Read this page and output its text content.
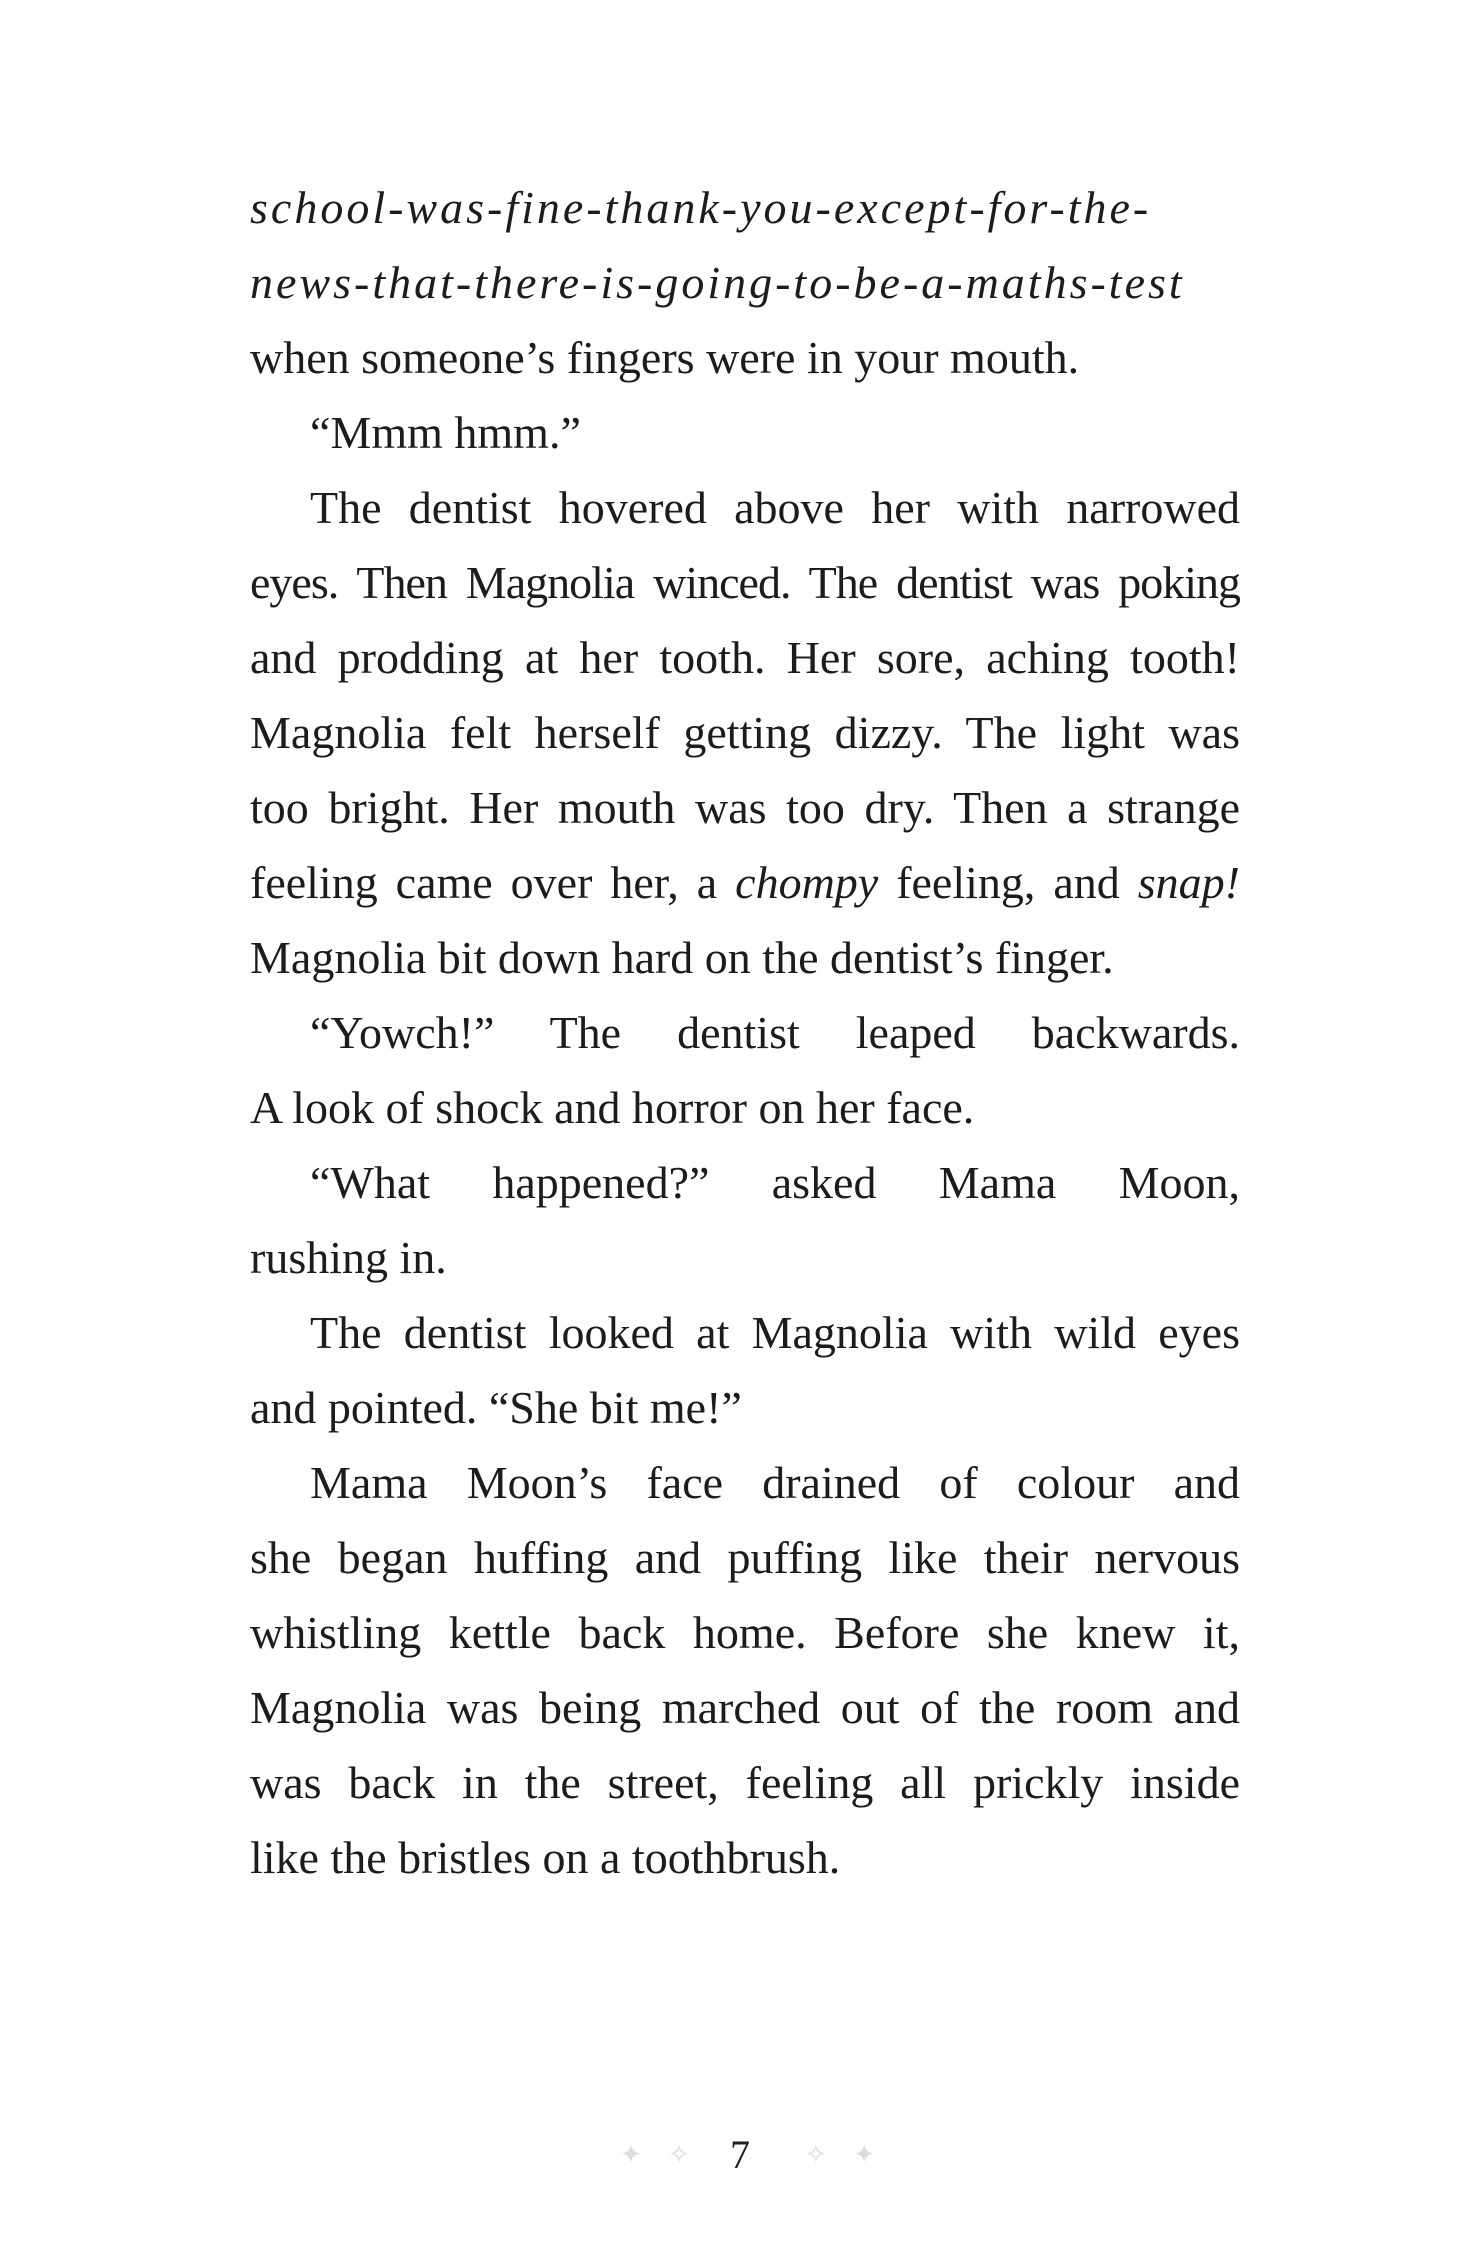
school-was-fine-thank-you-except-for-the-
news-that-there-is-going-to-be-a-maths-test
when someone’s fingers were in your mouth.
“Mmm hmm.”
The dentist hovered above her with narrowed
eyes. Then Magnolia winced. The dentist was poking
and prodding at her tooth. Her sore, aching tooth!
Magnolia felt herself getting dizzy. The light was
too bright. Her mouth was too dry. Then a strange
feeling came over her, a chompy feeling, and snap!
Magnolia bit down hard on the dentist’s finger.
“Yowch!” The dentist leaped backwards.
A look of shock and horror on her face.
“What happened?” asked Mama Moon,
rushing in.
The dentist looked at Magnolia with wild eyes
and pointed. “She bit me!”
Mama Moon’s face drained of colour and
she began huffing and puffing like their nervous
whistling kettle back home. Before she knew it,
Magnolia was being marched out of the room and
was back in the street, feeling all prickly inside
like the bristles on a toothbrush.
✦ ✧ 7	✧ ✦
